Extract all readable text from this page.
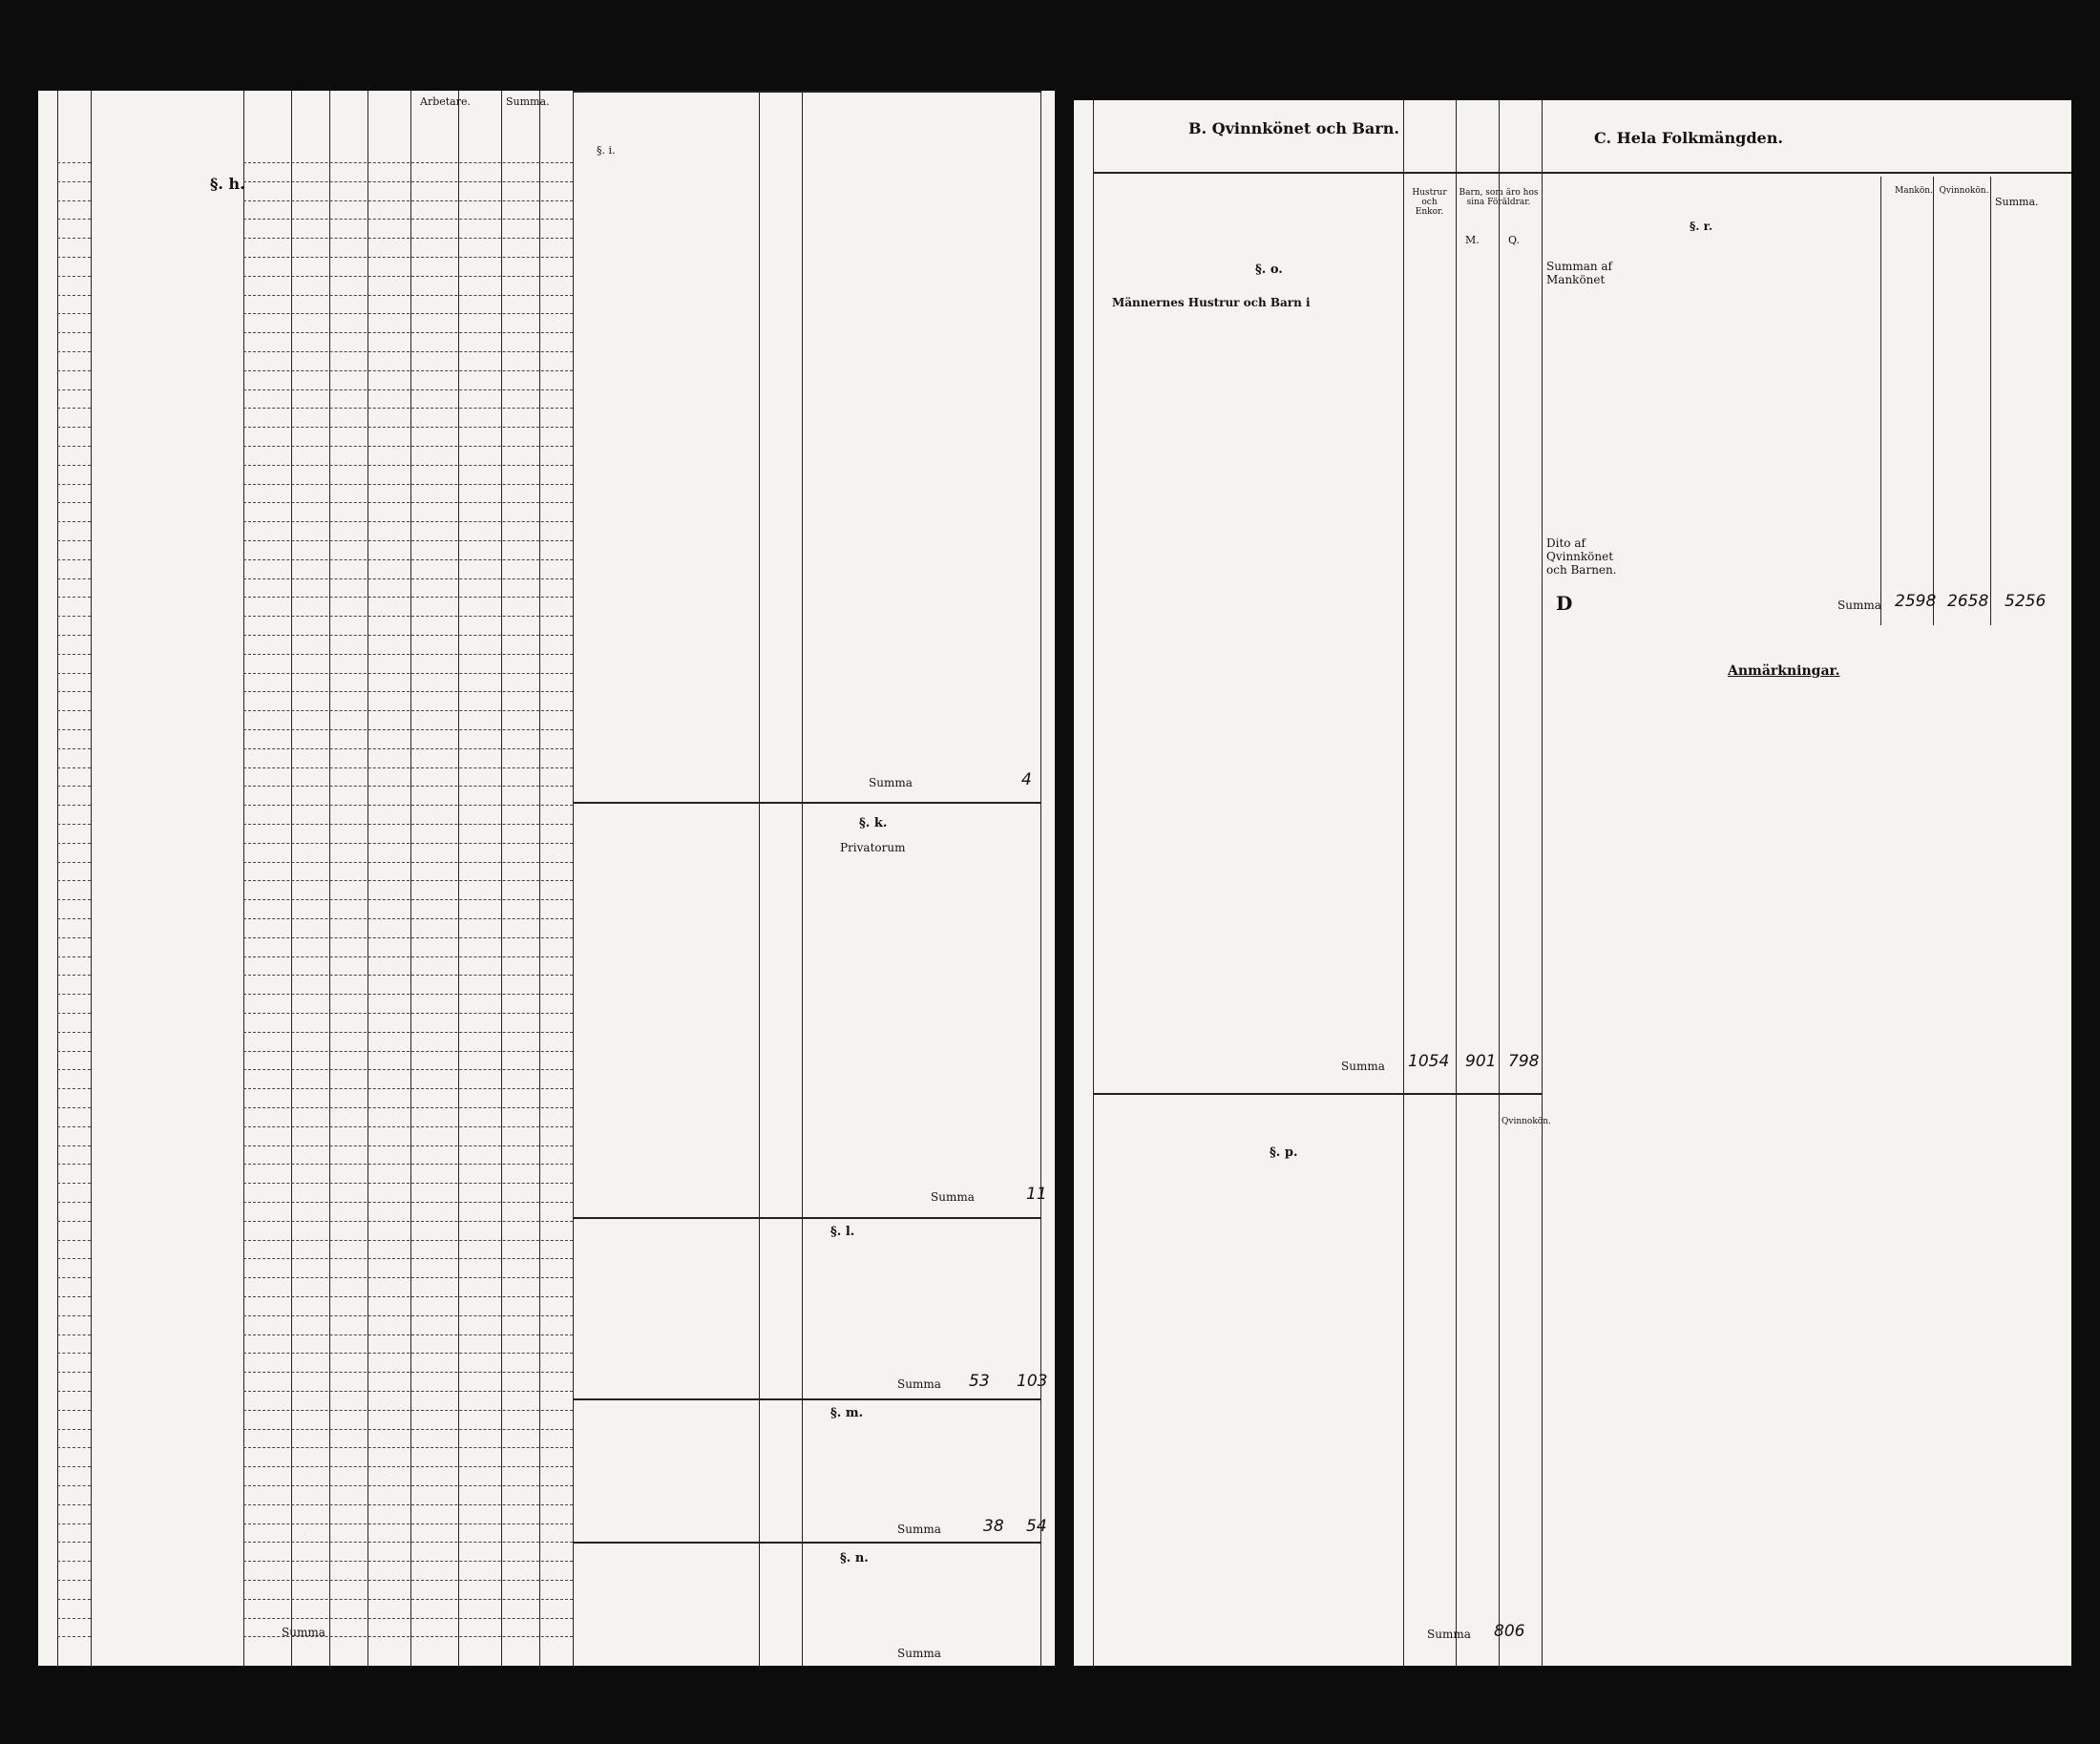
§. h.
Arbetare.	Summa.
§. i.
Summa	4
§. k.
Privatorum
Summa	11
§. l.
Summa 53 103
§. m.
Summa	38 54
§. n.
Summa
Summa
B. Qvinnkönet och Barn.
C. Hela Folkmängden.
Hustrur och Enkor.
Barn, som äro hos sina Föräldrar.
M.	Q.
§. o.
Männernes Hustrur och Barn i
Summa 1054 901 798
§. p.
Qvinnokön.
Summa 806
Mankön. Qvinnokön.
Summa.
§. r.
Summan af Mankönet
Dito af Qvinnkönet och Barnen.
D	Summa 2598 2658 5256
Anmärkningar.
